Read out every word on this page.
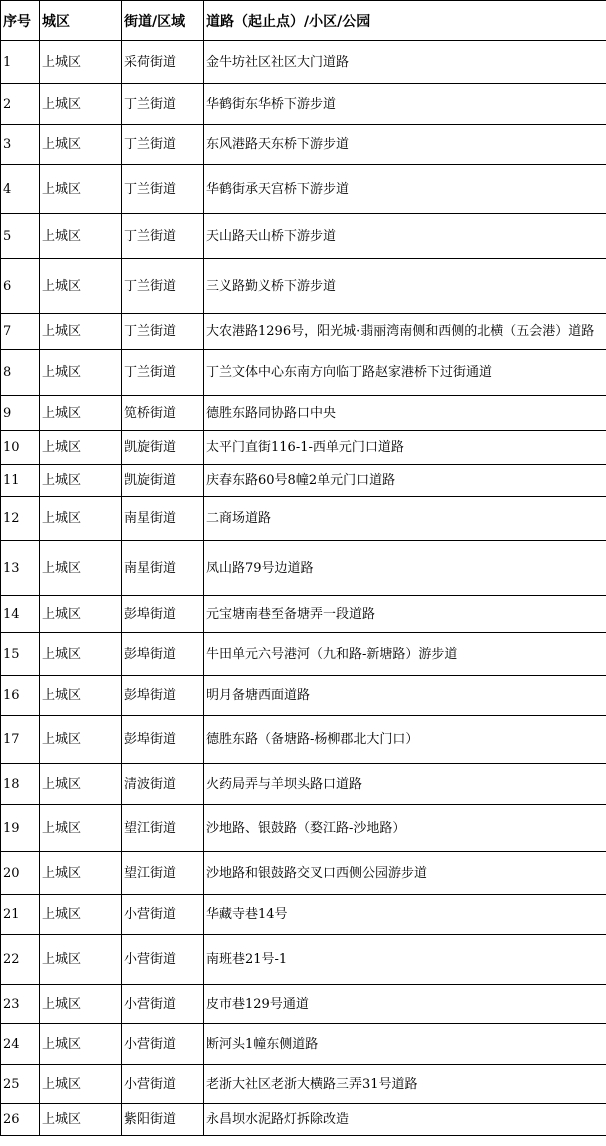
序号	城区	街道/区域	道路（起止点）/小区/公园
1	上城区	采荷街道	金牛坊社区社区大门道路
2	上城区	丁兰街道	华鹤街东华桥下游步道
3	上城区	丁兰街道	东风港路天东桥下游步道
4	上城区	丁兰街道	华鹤街承天宫桥下游步道
5	上城区	丁兰街道	天山路天山桥下游步道
6	上城区	丁兰街道	三义路勤义桥下游步道
7	上城区	丁兰街道	大农港路1296号，阳光城·翡丽湾南侧和西侧的北横（五会港）道路
8	上城区	丁兰街道	丁兰文体中心东南方向临丁路赵家港桥下过街通道
9	上城区	笕桥街道	德胜东路同协路口中央
10	上城区	凯旋街道	太平门直街116-1-西单元门口道路
11	上城区	凯旋街道	庆春东路60号8幢2单元门口道路
12	上城区	南星街道	二商场道路
13	上城区	南星街道	凤山路79号边道路
14	上城区	彭埠街道	元宝塘南巷至备塘弄一段道路
15	上城区	彭埠街道	牛田单元六号港河（九和路-新塘路）游步道
16	上城区	彭埠街道	明月备塘西面道路
17	上城区	彭埠街道	德胜东路（备塘路-杨柳郡北大门口）
18	上城区	清波街道	火药局弄与羊坝头路口道路
19	上城区	望江街道	沙地路、银鼓路（婺江路-沙地路）
20	上城区	望江街道	沙地路和银鼓路交叉口西侧公园游步道
21	上城区	小营街道	华藏寺巷14号
22	上城区	小营街道	南班巷21号-1
23	上城区	小营街道	皮市巷129号通道
24	上城区	小营街道	断河头1幢东侧道路
25	上城区	小营街道	老浙大社区老浙大横路三弄31号道路
26	上城区	紫阳街道	永昌坝水泥路灯拆除改造
